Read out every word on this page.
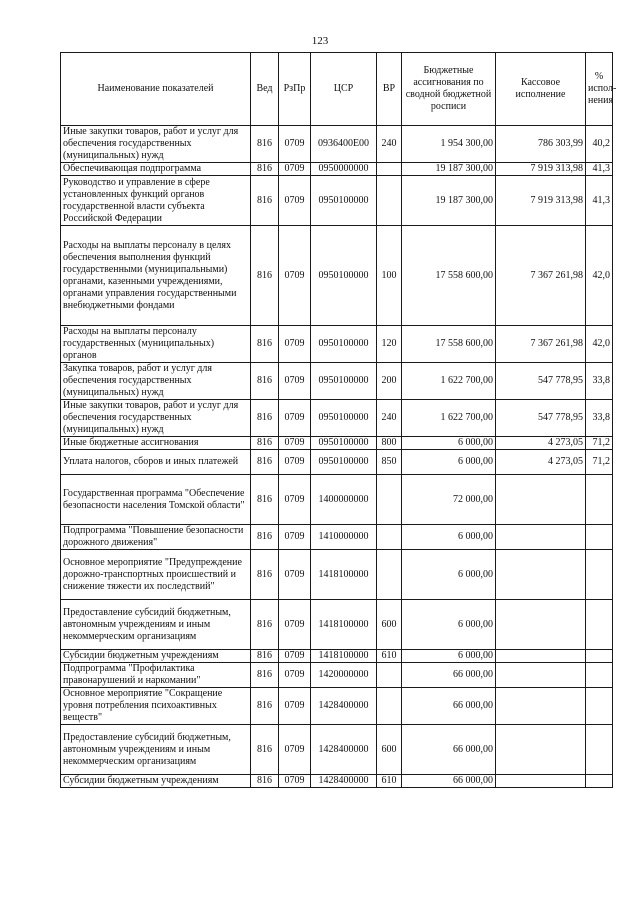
123
Наименование показателей	Вед	РзПр	ЦСР	ВР	Бюджетные ассигнования по сводной бюджетной росписи	Кассовое исполнение	% испол-нения
Иные закупки товаров, работ и услуг для обеспечения государственных (муниципальных) нужд	816	0709	0936400Е00	240	1 954 300,00	786 303,99	40,2
Обеспечивающая подпрограмма	816	0709	0950000000		19 187 300,00	7 919 313,98	41,3
Руководство и управление в сфере установленных функций органов государственной власти субъекта Российской Федерации	816	0709	0950100000		19 187 300,00	7 919 313,98	41,3
Расходы на выплаты персоналу в целях обеспечения выполнения функций государственными (муниципальными) органами, казенными учреждениями, органами управления государственными внебюджетными фондами	816	0709	0950100000	100	17 558 600,00	7 367 261,98	42,0
Расходы на выплаты персоналу государственных (муниципальных) органов	816	0709	0950100000	120	17 558 600,00	7 367 261,98	42,0
Закупка товаров, работ и услуг для обеспечения государственных (муниципальных) нужд	816	0709	0950100000	200	1 622 700,00	547 778,95	33,8
Иные закупки товаров, работ и услуг для обеспечения государственных (муниципальных) нужд	816	0709	0950100000	240	1 622 700,00	547 778,95	33,8
Иные бюджетные ассигнования	816	0709	0950100000	800	6 000,00	4 273,05	71,2
Уплата налогов, сборов и иных платежей	816	0709	0950100000	850	6 000,00	4 273,05	71,2
Государственная программа "Обеспечение безопасности населения Томской области"	816	0709	1400000000		72 000,00		
Подпрограмма "Повышение безопасности дорожного движения"	816	0709	1410000000		6 000,00		
Основное мероприятие "Предупреждение дорожно-транспортных происшествий и снижение тяжести их последствий"	816	0709	1418100000		6 000,00		
Предоставление субсидий бюджетным, автономным учреждениям и иным некоммерческим организациям	816	0709	1418100000	600	6 000,00		
Субсидии бюджетным учреждениям	816	0709	1418100000	610	6 000,00		
Подпрограмма "Профилактика правонарушений и наркомании"	816	0709	1420000000		66 000,00		
Основное мероприятие "Сокращение уровня потребления психоактивных веществ"	816	0709	1428400000		66 000,00		
Предоставление субсидий бюджетным, автономным учреждениям и иным некоммерческим организациям	816	0709	1428400000	600	66 000,00		
Субсидии бюджетным учреждениям	816	0709	1428400000	610	66 000,00		
